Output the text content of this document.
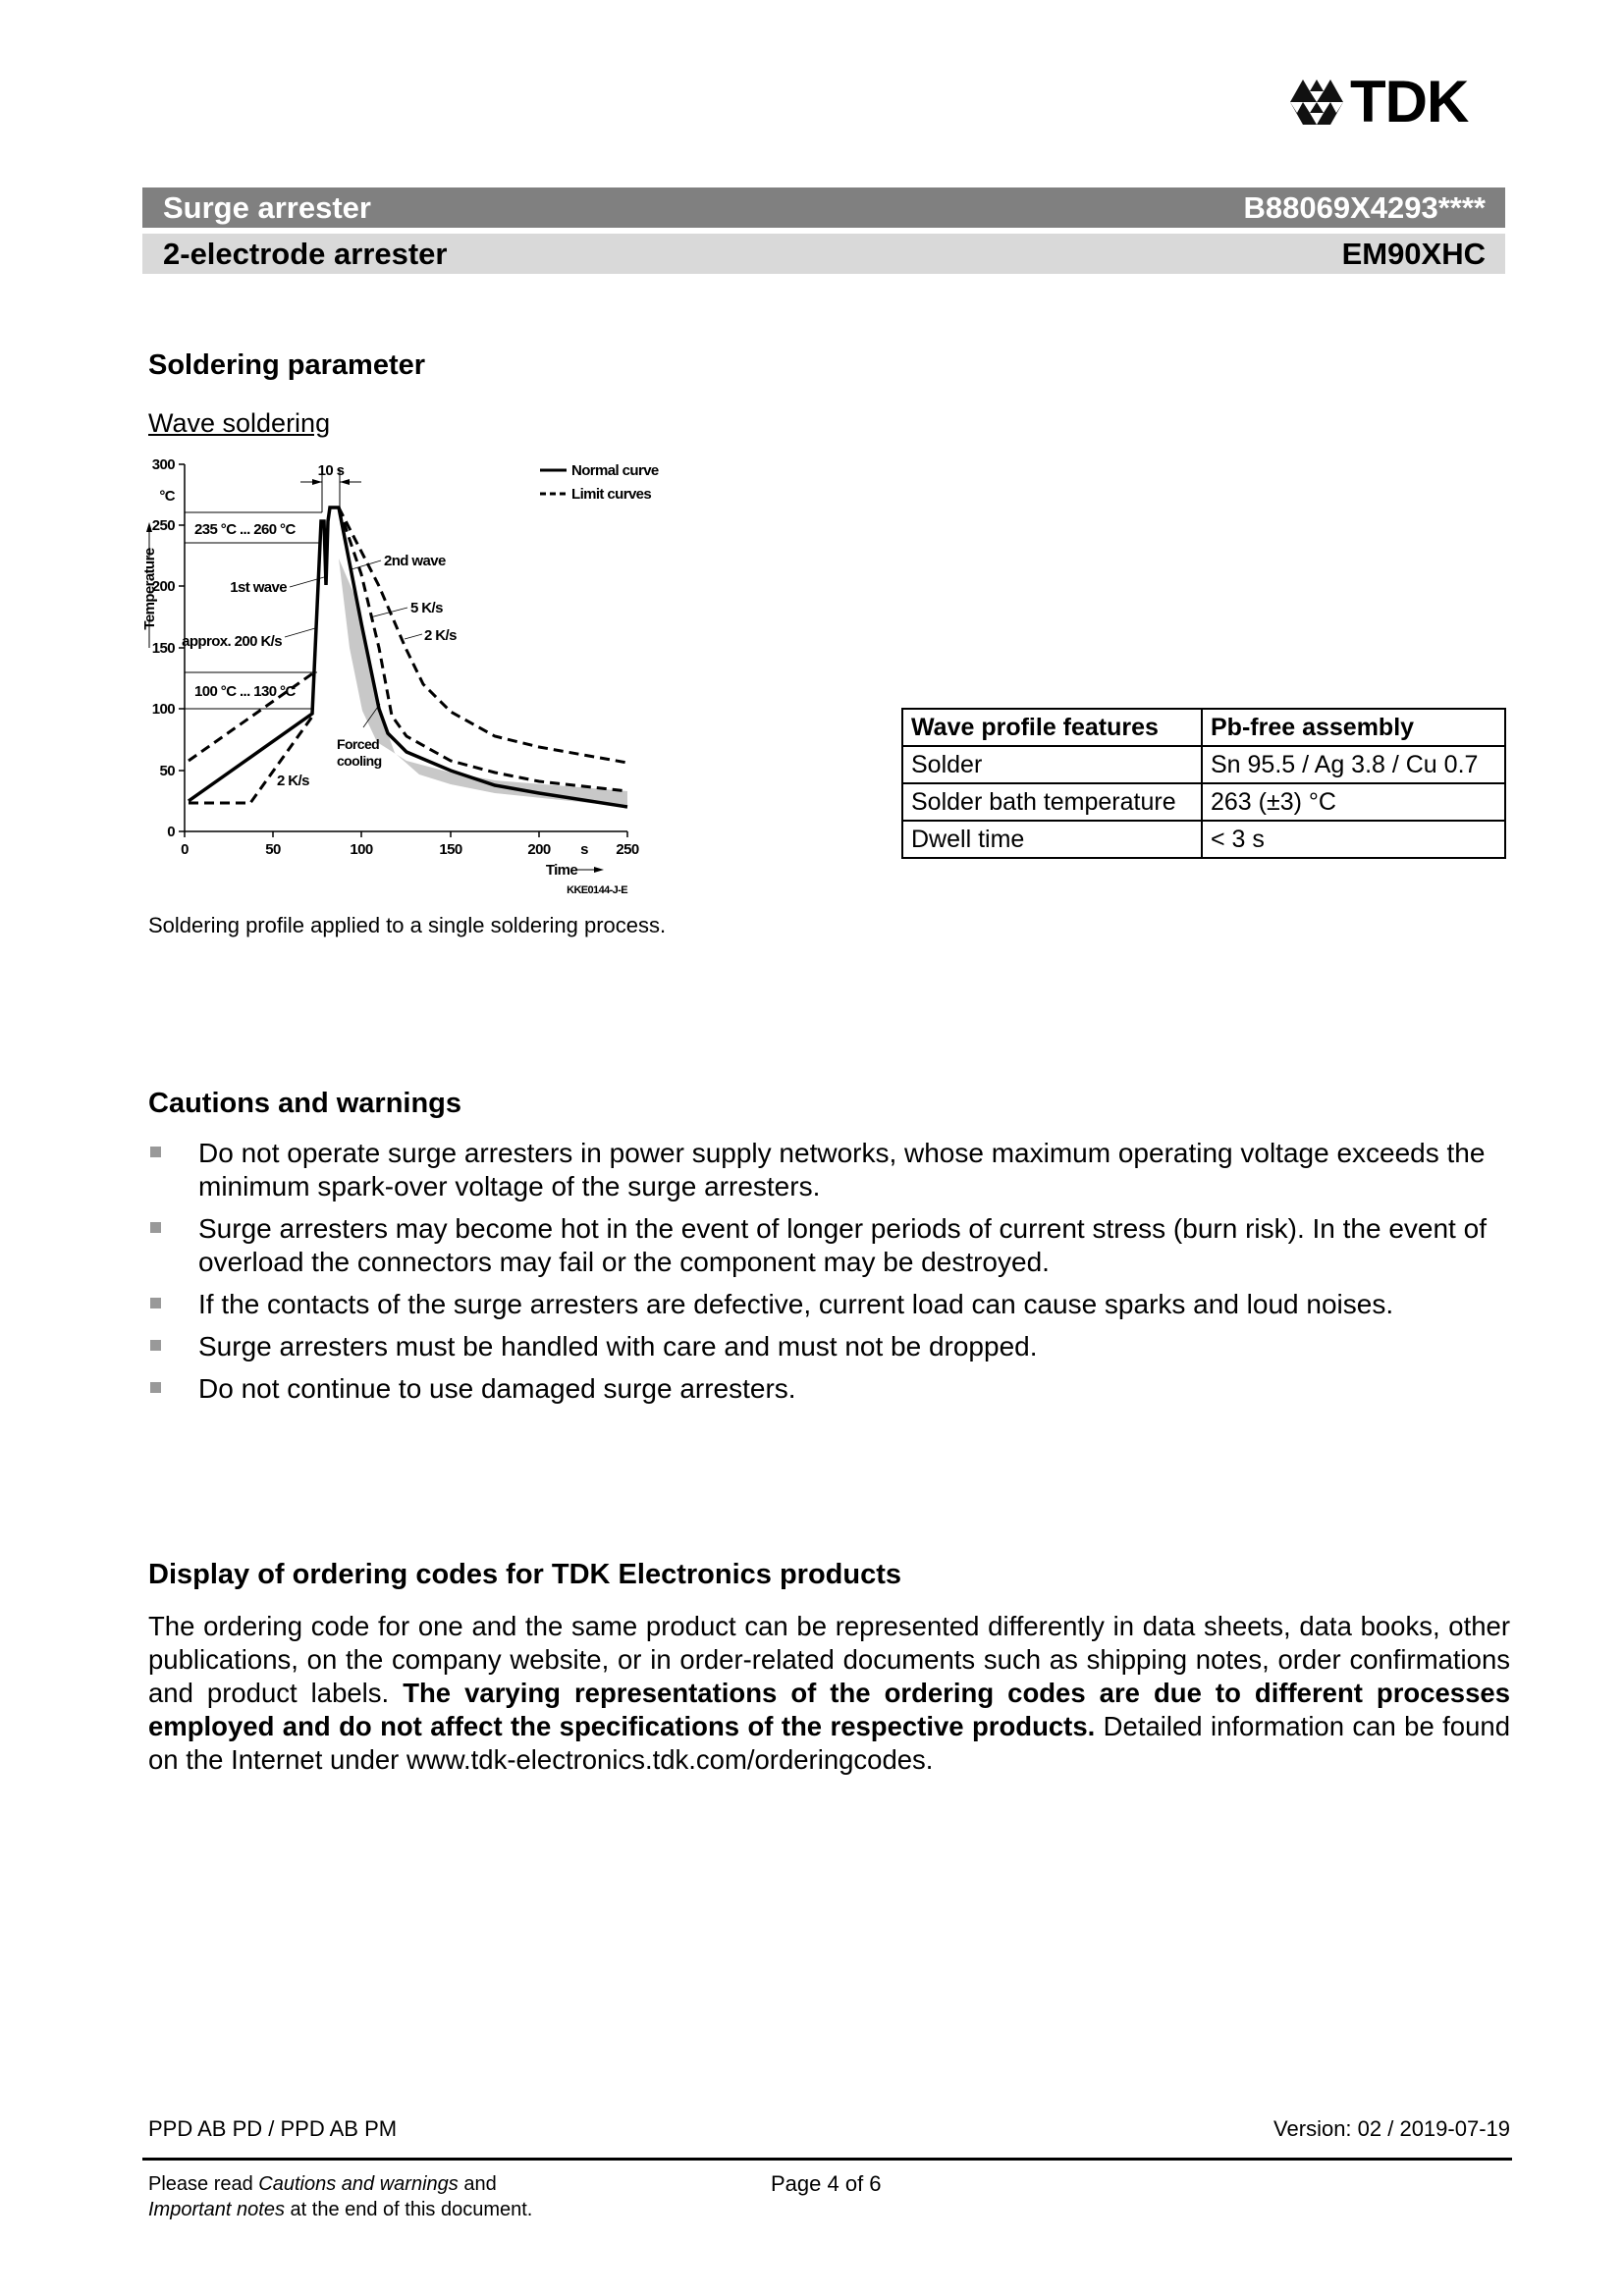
TDK
Surge arrester	B88069X4293****
2-electrode arrester	EM90XHC
Soldering parameter
Wave soldering
0
50
100
150
200
250
300
°C
Temperature
0	50	100	150	200	250
s
Time
KKE0144-J-E
235 °C ... 260 °C
100 °C ... 130 °C
10 s
1st wave
approx. 200 K/s
2nd wave
5 K/s
2 K/s
2 K/s
Forced
cooling
Normal curve
Limit curves
Wave profile features	Pb-free assembly
Solder	Sn 95.5 / Ag 3.8 / Cu 0.7
Solder bath temperature	263 (±3) °C
Dwell time	< 3 s
Soldering profile applied to a single soldering process.
Cautions and warnings
Do not operate surge arresters in power supply networks, whose maximum operating voltage exceeds the minimum spark-over voltage of the surge arresters.
Surge arresters may become hot in the event of longer periods of current stress (burn risk). In the event of overload the connectors may fail or the component may be destroyed.
If the contacts of the surge arresters are defective, current load can cause sparks and loud noises.
Surge arresters must be handled with care and must not be dropped.
Do not continue to use damaged surge arresters.
Display of ordering codes for TDK Electronics products

The ordering code for one and the same product can be represented differently in data sheets, data books, other publications, on the company website, or in order-related documents such as shipping notes, order confirmations and product labels. The varying representations of the ordering codes are due to different processes employed and do not affect the specifications of the respective products. Detailed information can be found on the Internet under www.tdk-electronics.tdk.com/orderingcodes.

PPD AB PD / PPD AB PM	Version: 02 / 2019-07-19
Please read Cautions and warnings and
Important notes at the end of this document.
Page 4 of 6
